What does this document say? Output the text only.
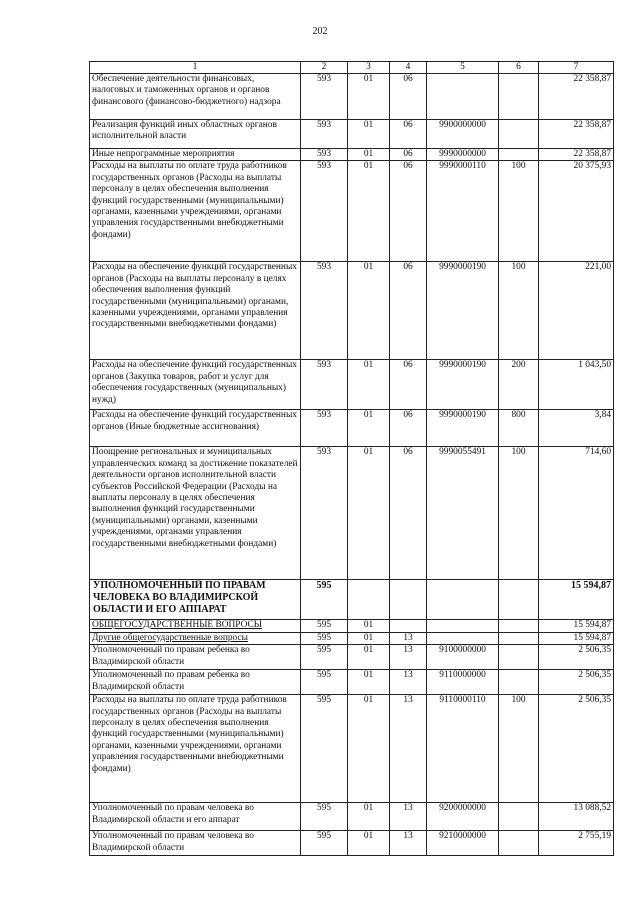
202
1	2	3	4	5	6	7
Обеспечение деятельности финансовых, налоговых и таможенных органов и органов финансового (финансово-бюджетного) надзора	593	01	06			22 358,87
Реализация функций иных областных органов исполнительной власти	593	01	06	9900000000		22 358,87
Иные непрограммные мероприятия	593	01	06	9990000000		22 358,87
Расходы на выплаты по оплате труда работников государственных органов (Расходы на выплаты персоналу в целях обеспечения выполнения функций государственными (муниципальными) органами, казенными учреждениями, органами управления государственными внебюджетными фондами)	593	01	06	9990000110	100	20 375,93
Расходы на обеспечение функций государственных органов (Расходы на выплаты персоналу в целях обеспечения выполнения функций государственными (муниципальными) органами, казенными учреждениями, органами управления государственными внебюджетными фондами)	593	01	06	9990000190	100	221,00
Расходы на обеспечение функций государственных органов (Закупка товаров, работ и услуг для обеспечения государственных (муниципальных) нужд)	593	01	06	9990000190	200	1 043,50
Расходы на обеспечение функций государственных органов (Иные бюджетные ассигнования)	593	01	06	9990000190	800	3,84
Поощрение региональных и муниципальных управленческих команд за достижение показателей деятельности органов исполнительной власти субъектов Российской Федерации (Расходы на выплаты персоналу в целях обеспечения выполнения функций государственными (муниципальными) органами, казенными учреждениями, органами управления государственными внебюджетными фондами)	593	01	06	9990055491	100	714,60
УПОЛНОМОЧЕННЫЙ ПО ПРАВАМ ЧЕЛОВЕКА ВО ВЛАДИМИРСКОЙ ОБЛАСТИ И ЕГО АППАРАТ	595					15 594,87
ОБЩЕГОСУДАРСТВЕННЫЕ ВОПРОСЫ	595	01				15 594,87
Другие общегосударственные вопросы	595	01	13			15 594,87
Уполномоченный по правам ребенка во Владимирской области	595	01	13	9100000000		2 506,35
Уполномоченный по правам ребенка во Владимирской области	595	01	13	9110000000		2 506,35
Расходы на выплаты по оплате труда работников государственных органов (Расходы на выплаты персоналу в целях обеспечения выполнения функций государственными (муниципальными) органами, казенными учреждениями, органами управления государственными внебюджетными фондами)	595	01	13	9110000110	100	2 506,35
Уполномоченный по правам человека во Владимирской области и его аппарат	595	01	13	9200000000		13 088,52
Уполномоченный по правам человека во Владимирской области	595	01	13	9210000000		2 755,19
